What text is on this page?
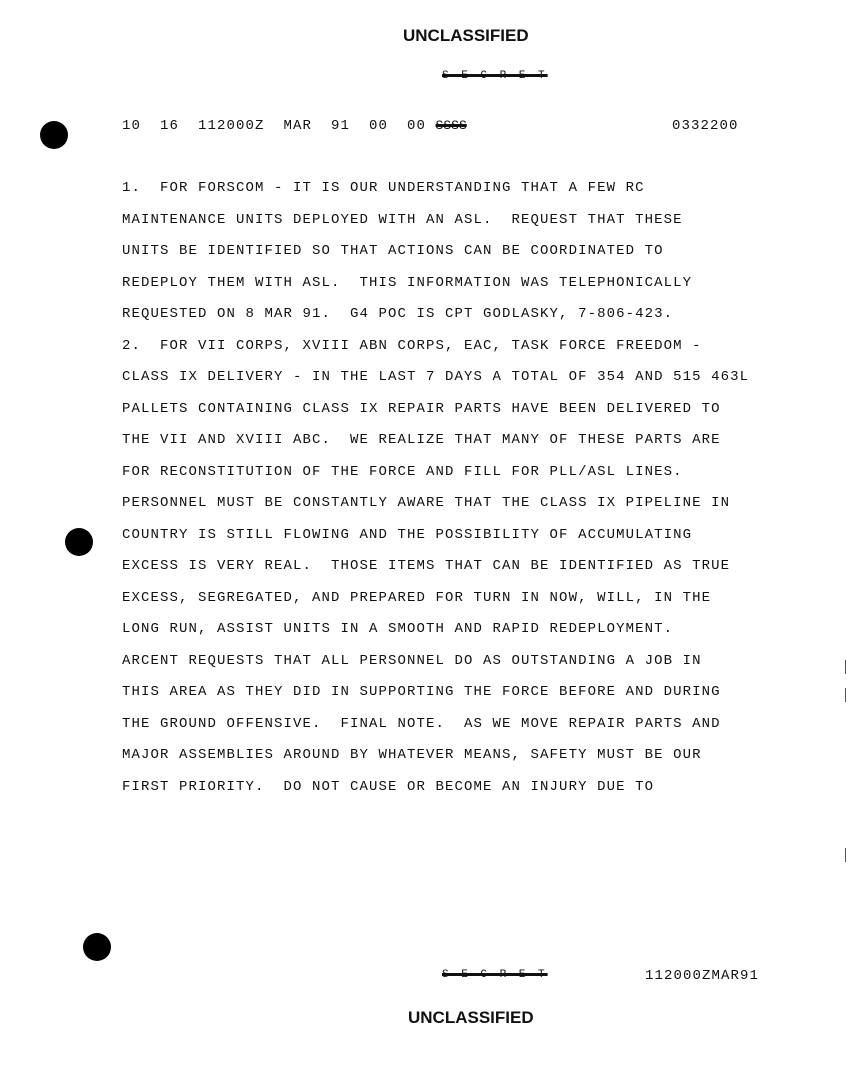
UNCLASSIFIED
S E C R E T
10  16  112000Z  MAR  91  00  00 SSSS	0332200
1.  FOR FORSCOM - IT IS OUR UNDERSTANDING THAT A FEW RC
MAINTENANCE UNITS DEPLOYED WITH AN ASL.  REQUEST THAT THESE
UNITS BE IDENTIFIED SO THAT ACTIONS CAN BE COORDINATED TO
REDEPLOY THEM WITH ASL.  THIS INFORMATION WAS TELEPHONICALLY
REQUESTED ON 8 MAR 91.  G4 POC IS CPT GODLASKY, 7-806-423.
2.  FOR VII CORPS, XVIII ABN CORPS, EAC, TASK FORCE FREEDOM -
CLASS IX DELIVERY - IN THE LAST 7 DAYS A TOTAL OF 354 AND 515 463L
PALLETS CONTAINING CLASS IX REPAIR PARTS HAVE BEEN DELIVERED TO
THE VII AND XVIII ABC.  WE REALIZE THAT MANY OF THESE PARTS ARE
FOR RECONSTITUTION OF THE FORCE AND FILL FOR PLL/ASL LINES.
PERSONNEL MUST BE CONSTANTLY AWARE THAT THE CLASS IX PIPELINE IN
COUNTRY IS STILL FLOWING AND THE POSSIBILITY OF ACCUMULATING
EXCESS IS VERY REAL.  THOSE ITEMS THAT CAN BE IDENTIFIED AS TRUE
EXCESS, SEGREGATED, AND PREPARED FOR TURN IN NOW, WILL, IN THE
LONG RUN, ASSIST UNITS IN A SMOOTH AND RAPID REDEPLOYMENT.
ARCENT REQUESTS THAT ALL PERSONNEL DO AS OUTSTANDING A JOB IN
THIS AREA AS THEY DID IN SUPPORTING THE FORCE BEFORE AND DURING
THE GROUND OFFENSIVE.  FINAL NOTE.  AS WE MOVE REPAIR PARTS AND
MAJOR ASSEMBLIES AROUND BY WHATEVER MEANS, SAFETY MUST BE OUR
FIRST PRIORITY.  DO NOT CAUSE OR BECOME AN INJURY DUE TO
S E C R E T	112000ZMAR91
UNCLASSIFIED
